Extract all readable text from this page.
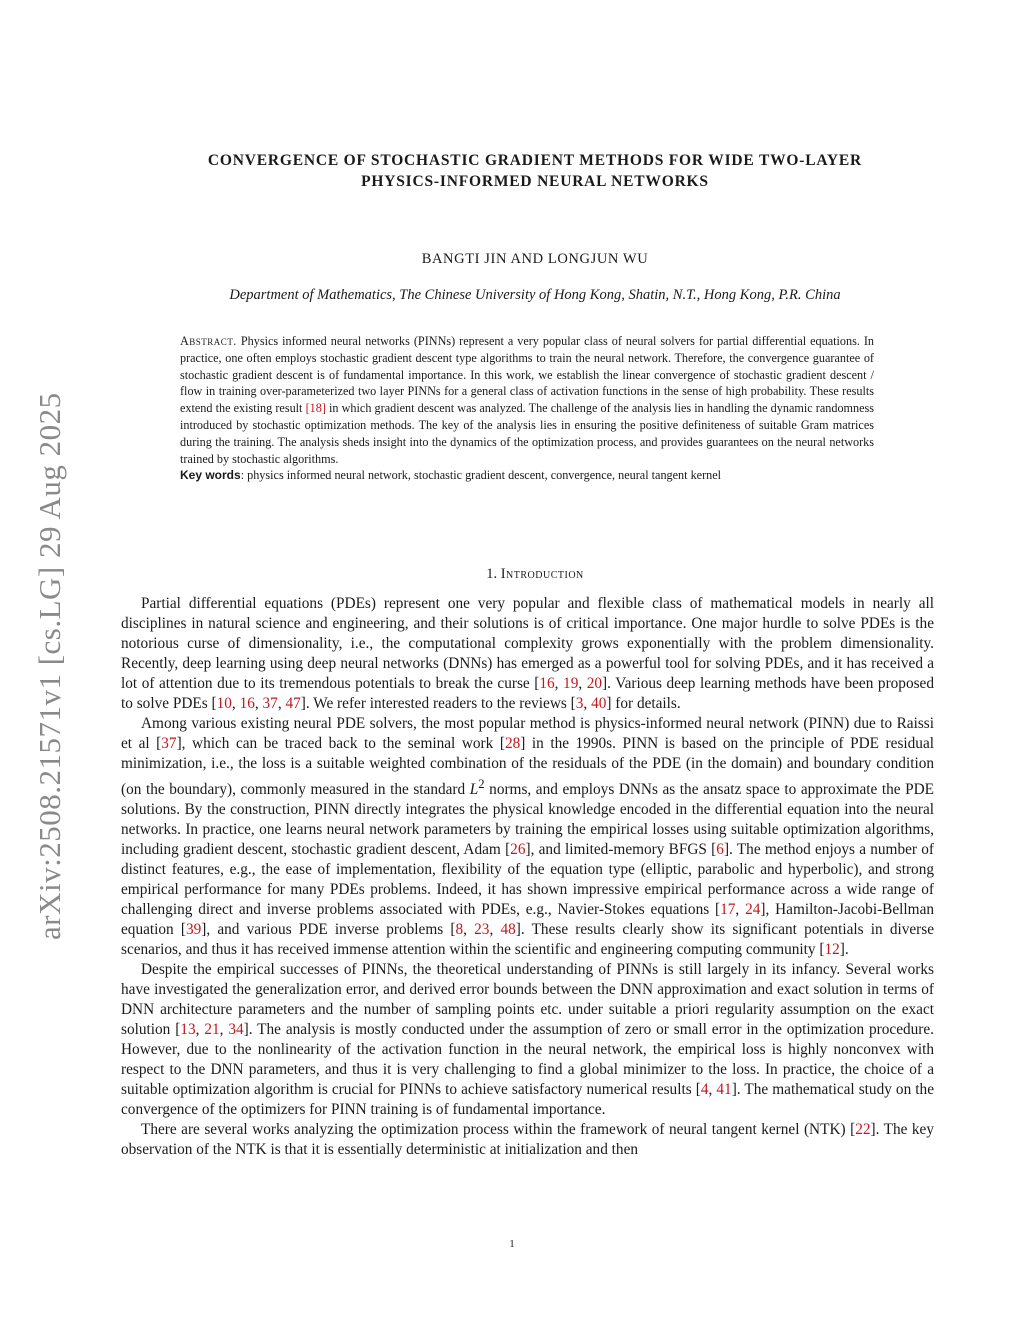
arXiv:2508.21571v1 [cs.LG] 29 Aug 2025
CONVERGENCE OF STOCHASTIC GRADIENT METHODS FOR WIDE TWO-LAYER
PHYSICS-INFORMED NEURAL NETWORKS
BANGTI JIN AND LONGJUN WU
Department of Mathematics, The Chinese University of Hong Kong, Shatin, N.T., Hong Kong, P.R. China
Abstract. Physics informed neural networks (PINNs) represent a very popular class of neural solvers for partial differential equations. In practice, one often employs stochastic gradient descent type algorithms to train the neural network. Therefore, the convergence guarantee of stochastic gradient descent is of fundamental importance. In this work, we establish the linear convergence of stochastic gradient descent / flow in training over-parameterized two layer PINNs for a general class of activation functions in the sense of high probability. These results extend the existing result [18] in which gradient descent was analyzed. The challenge of the analysis lies in handling the dynamic randomness introduced by stochastic optimization methods. The key of the analysis lies in ensuring the positive definiteness of suitable Gram matrices during the training. The analysis sheds insight into the dynamics of the optimization process, and provides guarantees on the neural networks trained by stochastic algorithms.
Key words: physics informed neural network, stochastic gradient descent, convergence, neural tangent kernel
1. Introduction

Partial differential equations (PDEs) represent one very popular and flexible class of mathematical models in nearly all disciplines in natural science and engineering, and their solutions is of critical importance. One major hurdle to solve PDEs is the notorious curse of dimensionality, i.e., the computational complexity grows exponentially with the problem dimensionality. Recently, deep learning using deep neural networks (DNNs) has emerged as a powerful tool for solving PDEs, and it has received a lot of attention due to its tremendous potentials to break the curse [16, 19, 20]. Various deep learning methods have been proposed to solve PDEs [10, 16, 37, 47]. We refer interested readers to the reviews [3, 40] for details.

Among various existing neural PDE solvers, the most popular method is physics-informed neural network (PINN) due to Raissi et al [37], which can be traced back to the seminal work [28] in the 1990s. PINN is based on the principle of PDE residual minimization, i.e., the loss is a suitable weighted combination of the residuals of the PDE (in the domain) and boundary condition (on the boundary), commonly measured in the standard $L^2$ norms, and employs DNNs as the ansatz space to approximate the PDE solutions. By the construction, PINN directly integrates the physical knowledge encoded in the differential equation into the neural networks. In practice, one learns neural network parameters by training the empirical losses using suitable optimization algorithms, including gradient descent, stochastic gradient descent, Adam [26], and limited-memory BFGS [6]. The method enjoys a number of distinct features, e.g., the ease of implementation, flexibility of the equation type (elliptic, parabolic and hyperbolic), and strong empirical performance for many PDEs problems. Indeed, it has shown impressive empirical performance across a wide range of challenging direct and inverse problems associated with PDEs, e.g., Navier-Stokes equations [17, 24], Hamilton-Jacobi-Bellman equation [39], and various PDE inverse problems [8, 23, 48]. These results clearly show its significant potentials in diverse scenarios, and thus it has received immense attention within the scientific and engineering computing community [12].

Despite the empirical successes of PINNs, the theoretical understanding of PINNs is still largely in its infancy. Several works have investigated the generalization error, and derived error bounds between the DNN approximation and exact solution in terms of DNN architecture parameters and the number of sampling points etc. under suitable a priori regularity assumption on the exact solution [13, 21, 34]. The analysis is mostly conducted under the assumption of zero or small error in the optimization procedure. However, due to the nonlinearity of the activation function in the neural network, the empirical loss is highly nonconvex with respect to the DNN parameters, and thus it is very challenging to find a global minimizer to the loss. In practice, the choice of a suitable optimization algorithm is crucial for PINNs to achieve satisfactory numerical results [4, 41]. The mathematical study on the convergence of the optimizers for PINN training is of fundamental importance.

There are several works analyzing the optimization process within the framework of neural tangent kernel (NTK) [22]. The key observation of the NTK is that it is essentially deterministic at initialization and then

1
